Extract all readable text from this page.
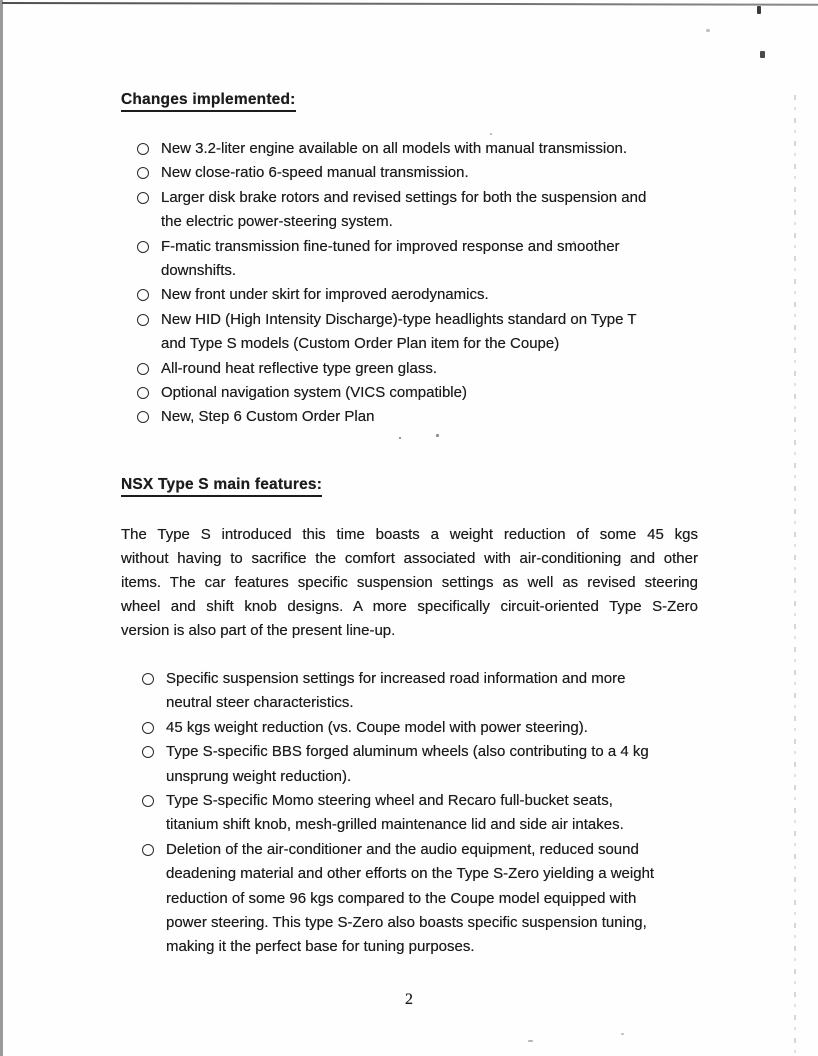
Changes implemented:
New 3.2-liter engine available on all models with manual transmission.
New close-ratio 6-speed manual transmission.
Larger disk brake rotors and revised settings for both the suspension and
the electric power-steering system.
F-matic transmission fine-tuned for improved response and smoother
downshifts.
New front under skirt for improved aerodynamics.
New HID (High Intensity Discharge)-type headlights standard on Type T
and Type S models (Custom Order Plan item for the Coupe)
All-round heat reflective type green glass.
Optional navigation system (VICS compatible)
New, Step 6 Custom Order Plan
NSX Type S main features:
The Type S introduced this time boasts a weight reduction of some 45 kgs
without having to sacrifice the comfort associated with air-conditioning and other
items. The car features specific suspension settings as well as revised steering
wheel and shift knob designs. A more specifically circuit-oriented Type S-Zero
version is also part of the present line-up.
Specific suspension settings for increased road information and more
neutral steer characteristics.
45 kgs weight reduction (vs. Coupe model with power steering).
Type S-specific BBS forged aluminum wheels (also contributing to a 4 kg
unsprung weight reduction).
Type S-specific Momo steering wheel and Recaro full-bucket seats,
titanium shift knob, mesh-grilled maintenance lid and side air intakes.
Deletion of the air-conditioner and the audio equipment, reduced sound
deadening material and other efforts on the Type S-Zero yielding a weight
reduction of some 96 kgs compared to the Coupe model equipped with
power steering. This type S-Zero also boasts specific suspension tuning,
making it the perfect base for tuning purposes.
2
